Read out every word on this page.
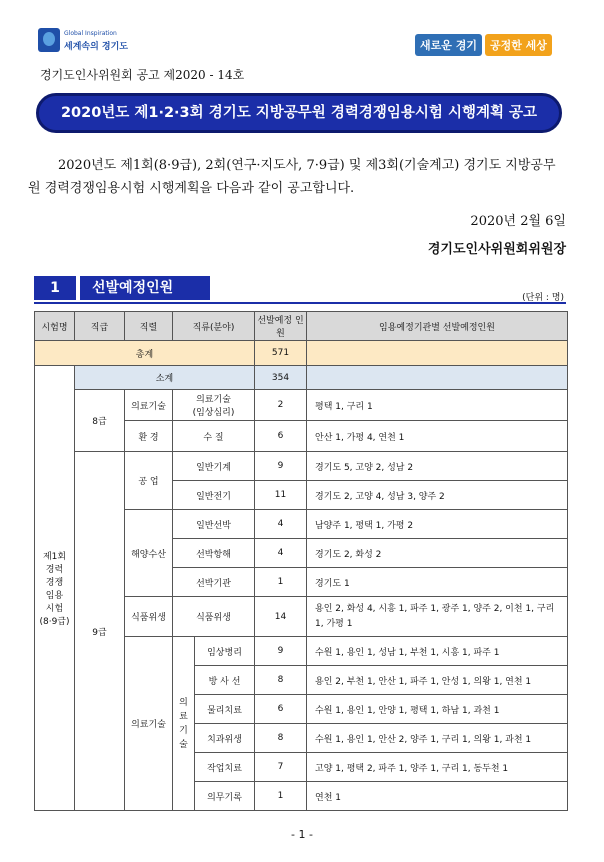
Global Inspiration
세계속의 경기도	새로운 경기	공정한 세상
경기도인사위원회 공고 제2020 - 14호
2020년도 제1·2·3회 경기도 지방공무원 경력경쟁임용시험 시행계획 공고
2020년도 제1회(8·9급), 2회(연구·지도사, 7·9급) 및 제3회(기술계고) 경기도 지방공무원 경력경쟁임용시험 시행계획을 다음과 같이 공고합니다.
2020년 2월 6일
경기도인사위원회위원장
1	선발예정인원
(단위 : 명)
시험명	직급	직렬	직류(분야)		선발예정 인 원	임용예정기관별 선발예정인원
총계					571	
제1회 경력 경쟁 임용 시험 (8·9급)	소계				354	
	8급	의료기술	의료기술 (임상심리)		2	평택 1, 구리 1
		환 경	수 질		6	안산 1, 가평 4, 연천 1
	9급	공 업	일반기계		9	경기도 5, 고양 2, 성남 2
			일반전기		11	경기도 2, 고양 4, 성남 3, 양주 2
		해양수산	일반선박		4	남양주 1, 평택 1, 가평 2
			선박항해		4	경기도 2, 화성 2
			선박기관		1	경기도 1
		식품위생	식품위생		14	용인 2, 화성 4, 시흥 1, 파주 1, 광주 1, 양주 2, 이천 1, 구리 1, 가평 1
		의료기술	의 료 기 술	임상병리	9	수원 1, 용인 1, 성남 1, 부천 1, 시흥 1, 파주 1
				방 사 선	8	용인 2, 부천 1, 안산 1, 파주 1, 안성 1, 의왕 1, 연천 1
				물리치료	6	수원 1, 용인 1, 안양 1, 평택 1, 하남 1, 과천 1
				치과위생	8	수원 1, 용인 1, 안산 2, 양주 1, 구리 1, 의왕 1, 과천 1
				작업치료	7	고양 1, 평택 2, 파주 1, 양주 1, 구리 1, 동두천 1
				의무기록	1	연천 1
- 1 -
